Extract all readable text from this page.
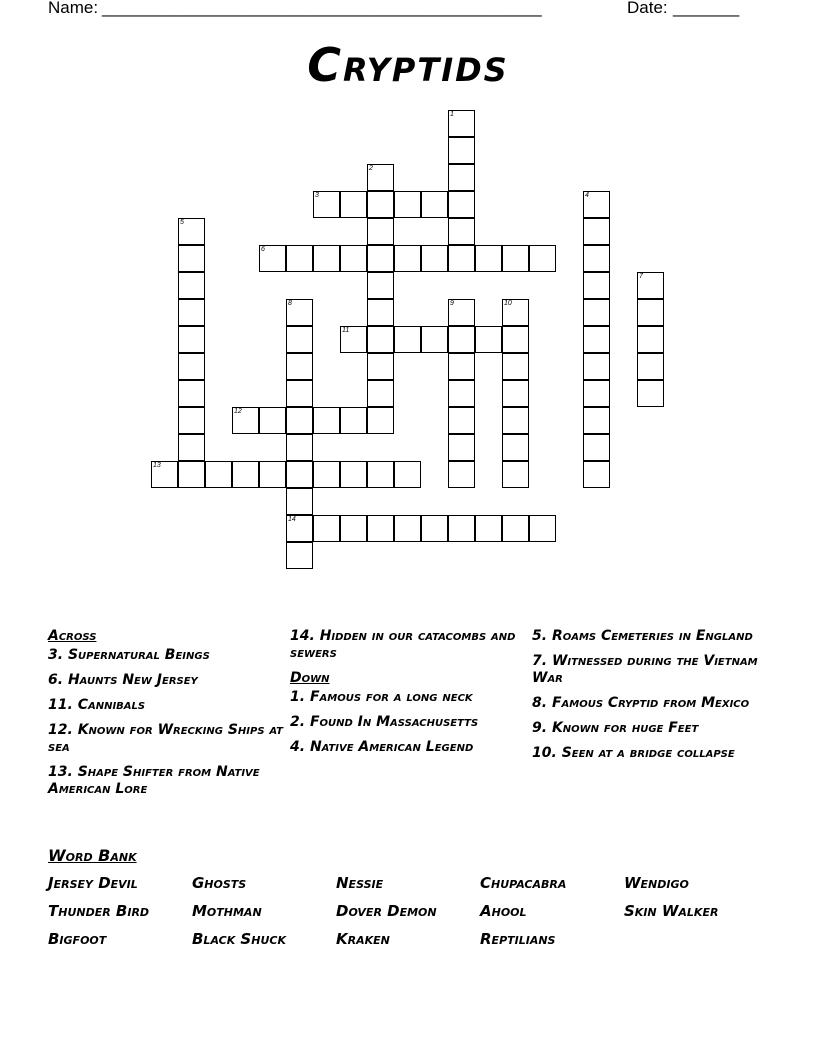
Name: ________________________________________________	Date: _______
Cryptids
1
2
3	4
5
6
7
8
14
9	10
11
12
13
Across
3. Supernatural Beings
6. Haunts New Jersey
11. Cannibals
12. Known for Wrecking Ships at sea
13. Shape Shifter from Native American Lore
14. Hidden in our catacombs and sewers
Down
1. Famous for a long neck
2. Found In Massachusetts
4. Native American Legend
5. Roams Cemeteries in England
7. Witnessed during the Vietnam War
8. Famous Cryptid from Mexico
9. Known for huge Feet
10. Seen at a bridge collapse
Word Bank
Jersey Devil	Ghosts	Nessie	Chupacabra	Wendigo
Thunder Bird	Mothman	Dover Demon	Ahool	Skin Walker
Bigfoot	Black Shuck	Kraken	Reptilians
